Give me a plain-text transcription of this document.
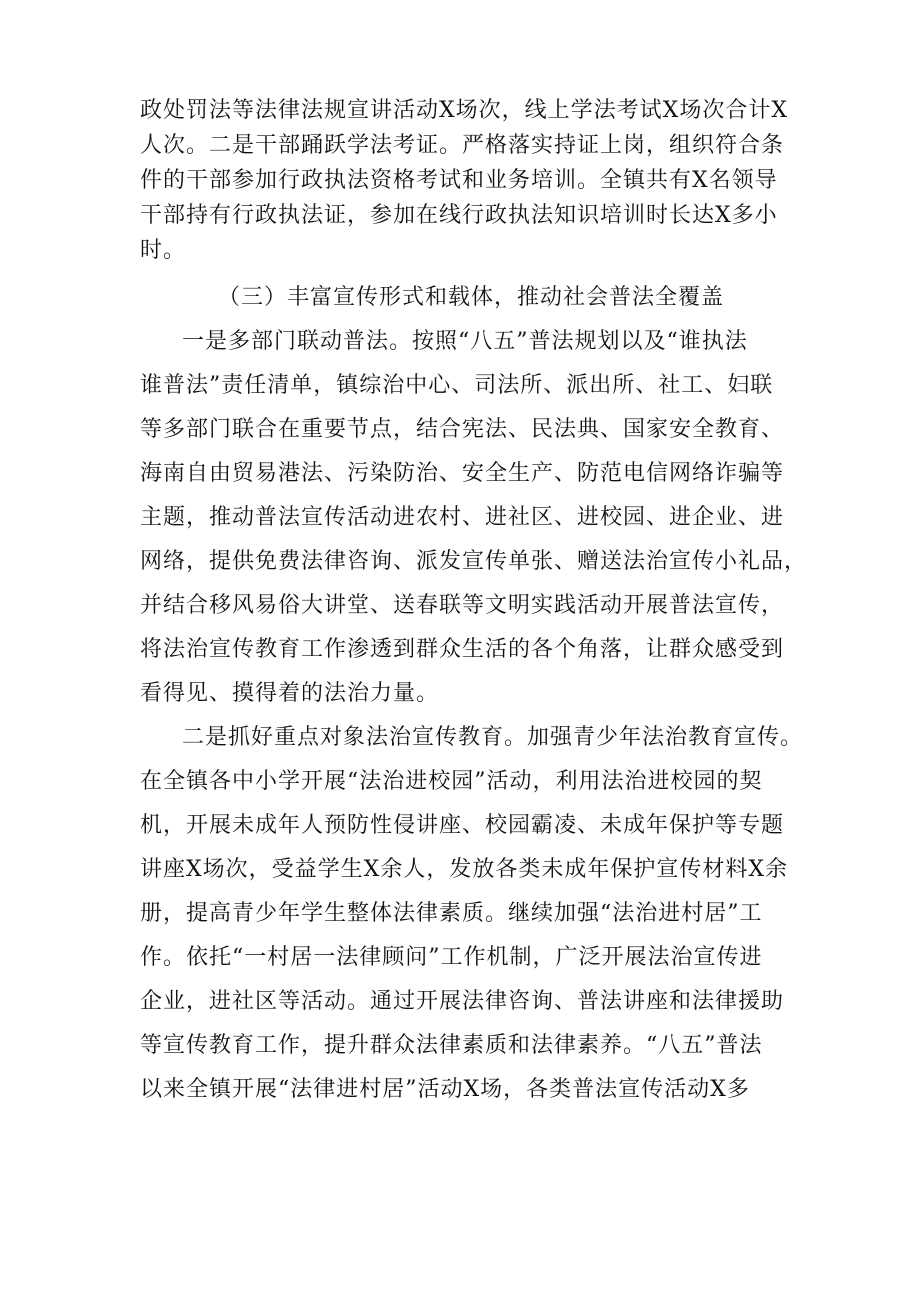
政处罚法等法律法规宣讲活动X场次，线上学法考试X场次合计X
人次。二是干部踊跃学法考证。严格落实持证上岗，组织符合条
件的干部参加行政执法资格考试和业务培训。全镇共有X名领导
干部持有行政执法证，参加在线行政执法知识培训时长达X多小
时。
（三）丰富宣传形式和载体，推动社会普法全覆盖
一是多部门联动普法。按照“八五”普法规划以及“谁执法
谁普法”责任清单，镇综治中心、司法所、派出所、社工、妇联
等多部门联合在重要节点，结合宪法、民法典、国家安全教育、
海南自由贸易港法、污染防治、安全生产、防范电信网络诈骗等
主题，推动普法宣传活动进农村、进社区、进校园、进企业、进
网络，提供免费法律咨询、派发宣传单张、赠送法治宣传小礼品，
并结合移风易俗大讲堂、送春联等文明实践活动开展普法宣传，
将法治宣传教育工作渗透到群众生活的各个角落，让群众感受到
看得见、摸得着的法治力量。
二是抓好重点对象法治宣传教育。加强青少年法治教育宣传。
在全镇各中小学开展“法治进校园”活动，利用法治进校园的契
机，开展未成年人预防性侵讲座、校园霸凌、未成年保护等专题
讲座X场次，受益学生X余人，发放各类未成年保护宣传材料X余
册，提高青少年学生整体法律素质。继续加强“法治进村居”工
作。依托“一村居一法律顾问”工作机制，广泛开展法治宣传进
企业，进社区等活动。通过开展法律咨询、普法讲座和法律援助
等宣传教育工作，提升群众法律素质和法律素养。“八五”普法
以来全镇开展“法律进村居”活动X场，各类普法宣传活动X多
